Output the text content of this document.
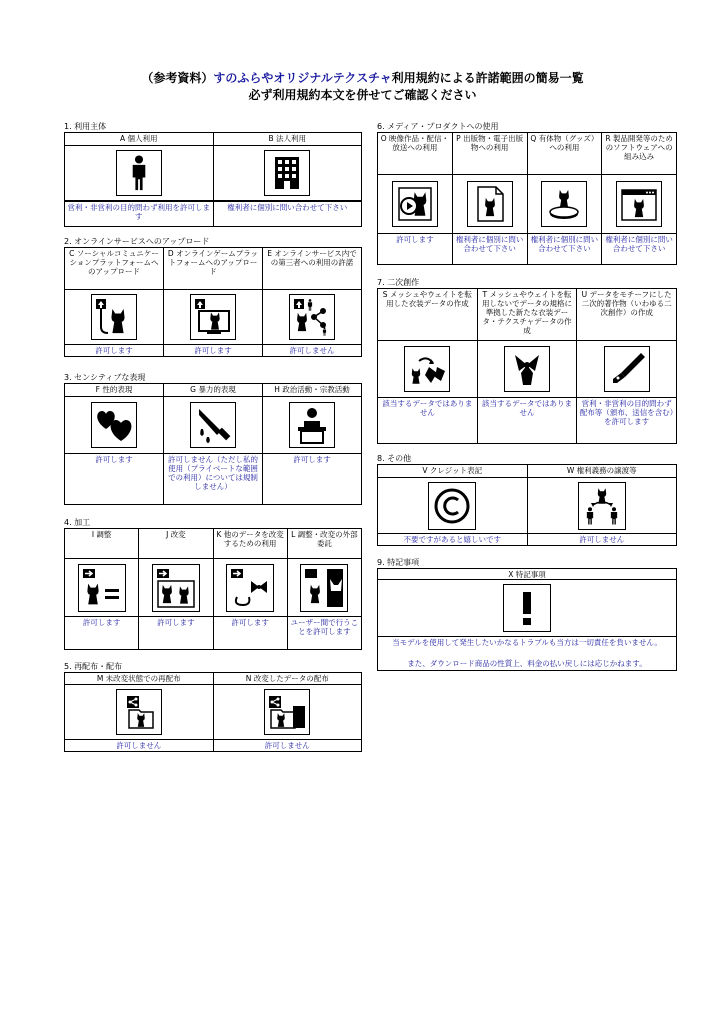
（参考資料）すのふらやオリジナルテクスチャ利用規約による許諾範囲の簡易一覧
必ず利用規約本文を併せてご確認ください
1. 利用主体
A 個人利用	B 法人利用
営利・非営利の目的問わず利用を許可します
権利者に個別に問い合わせて下さい
2. オンラインサービスへのアップロード
C ソーシャルコミュニケーションプラットフォームへのアップロード
許可します
D オンラインゲームプラットフォームへのアップロード
許可します
E オンラインサービス内での第三者への利用の許諾
許可しません
3. センシティブな表現
F 性的表現
許可します
G 暴力的表現
許可しません（ただし私的使用（プライベートな範囲での利用）については規制しません）
H 政治活動・宗教活動
許可します
4. 加工
I 調整
許可します
J 改変
許可します
K 他のデータを改変するための利用
許可します
L 調整・改変の外部委託
ユーザー間で行うことを許可します
5. 再配布・配布
M 未改変状態での再配布
許可しません
N 改変したデータの配布
許可しません
6. メディア・プロダクトへの使用
O 映像作品・配信・放送への利用
許可します
P 出版物・電子出版物への利用
権利者に個別に問い合わせて下さい
Q 有体物（グッズ）への利用
権利者に個別に問い合わせて下さい
R 製品開発等のためのソフトウェアへの組み込み
権利者に個別に問い合わせて下さい
7. 二次創作
S メッシュやウェイトを転用した衣装データの作成
該当するデータではありません
T メッシュやウェイトを転用しないでデータの規格に準拠した新たな衣装データ・テクスチャデータの作成
該当するデータではありません
U データをモチーフにした二次的著作物（いわゆる二次創作）の作成
営利・非営利の目的問わず配布等（頒布、送信を含む）を許可します
8. その他
V クレジット表記
不要ですがあると嬉しいです
W 権利義務の譲渡等
許可しません
9. 特記事項
X 特記事項
当モデルを使用して発生したいかなるトラブルも当方は一切責任を負いません。
また、ダウンロード商品の性質上、料金の払い戻しには応じかねます。
